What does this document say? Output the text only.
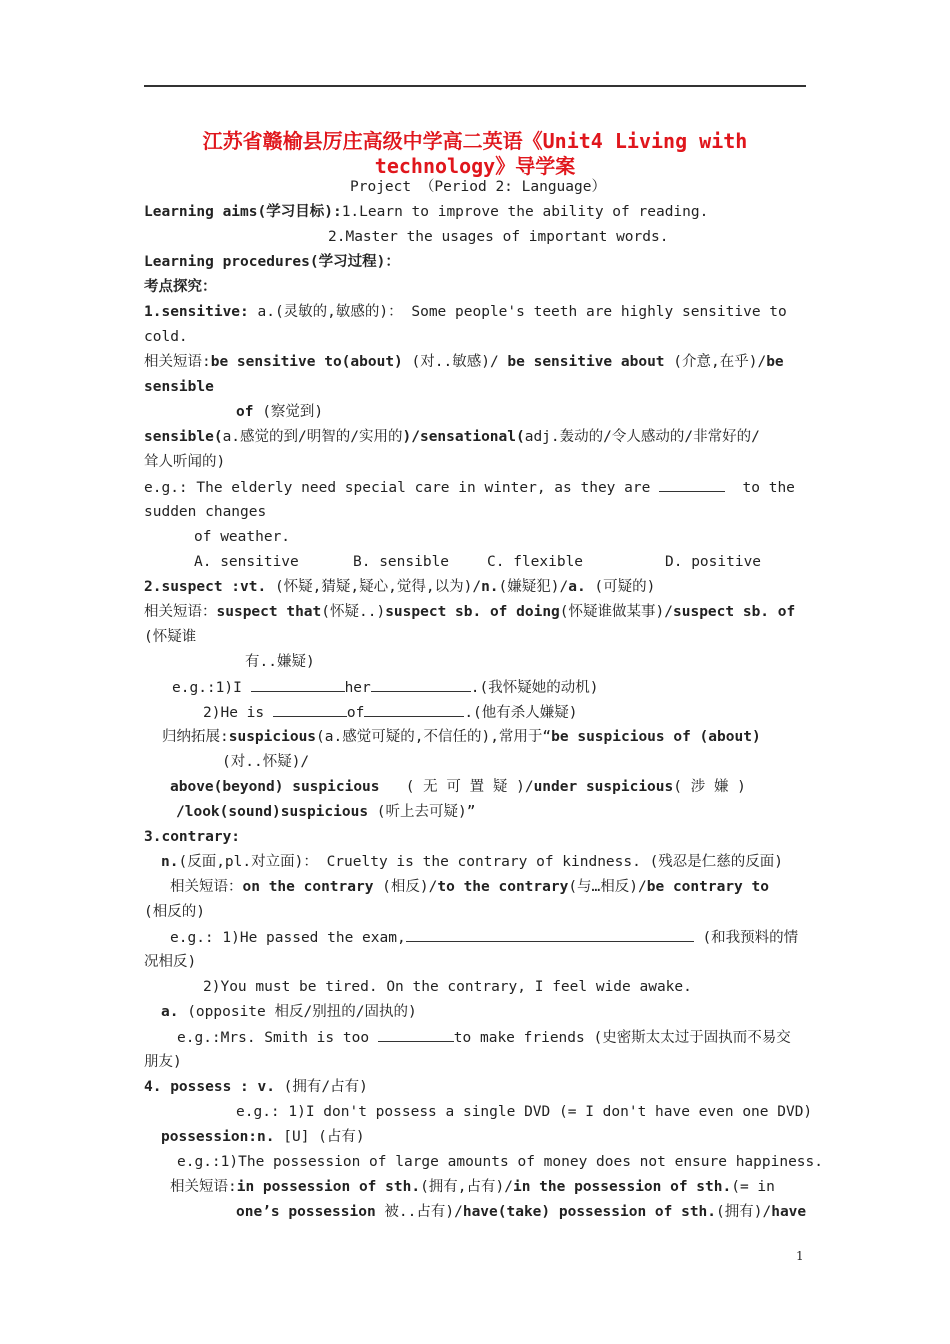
江苏省赣榆县厉庄高级中学高二英语《Unit4 Living with
technology》导学案
Project （Period 2: Language）
Learning aims(学习目标):1.Learn to improve the ability of reading.
2.Master the usages of important words.
Learning procedures(学习过程)：
考点探究：
1.sensitive: a.(灵敏的,敏感的)： Some people's teeth are highly sensitive to
cold.
相关短语:be sensitive to(about) (对..敏感)/ be sensitive about (介意,在乎)/be
sensible
of (察觉到)
sensible(a.感觉的到/明智的/实用的)/sensational(adj.轰动的/令人感动的/非常好的/
耸人听闻的)
e.g.: The elderly need special care in winter, as they are	to the
sudden changes
of weather.
A. sensitive	B. sensible	C. flexible	D. positive
2.suspect :vt. (怀疑,猜疑,疑心,觉得,以为)/n.(嫌疑犯)/a. (可疑的)
相关短语：suspect that(怀疑..)suspect sb. of doing(怀疑谁做某事)/suspect sb. of
(怀疑谁
有..嫌疑)
e.g.:1)I	her	.(我怀疑她的动机)
2)He is	of	.(他有杀人嫌疑)
归纳拓展:suspicious(a.感觉可疑的,不信任的),常用于“be suspicious of (about)
(对..怀疑)/
above(beyond) suspicious ( 无 可 置 疑 )/under suspicious( 涉 嫌 )
/look(sound)suspicious (听上去可疑)”
3.contrary:
n.(反面,pl.对立面)： Cruelty is the contrary of kindness. (残忍是仁慈的反面)
相关短语：on the contrary (相反)/to the contrary(与…相反)/be contrary to
(相反的)
e.g.: 1)He passed the exam,	(和我预料的情
况相反)
2)You must be tired. On the contrary, I feel wide awake.
a. (opposite 相反/别扭的/固执的)
e.g.:Mrs. Smith is too	to make friends (史密斯太太过于固执而不易交
朋友)
4. possess : v. (拥有/占有)
e.g.: 1)I don't possess a single DVD (= I don't have even one DVD)
possession:n. [U] (占有)
e.g.:1)The possession of large amounts of money does not ensure happiness.
相关短语:in possession of sth.(拥有,占有)/in the possession of sth.(= in
one’s possession 被..占有)/have(take) possession of sth.(拥有)/have
1
